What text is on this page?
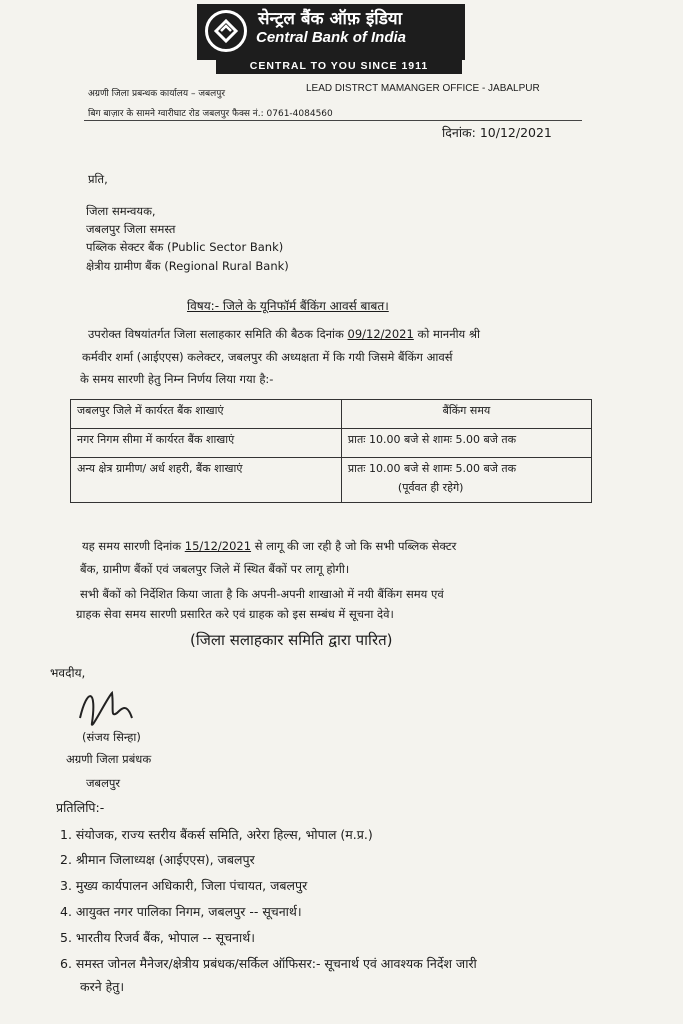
सेन्ट्रल बैंक ऑफ़ इंडिया
Central Bank of India
CENTRAL TO YOU SINCE 1911
अग्रणी जिला प्रबन्धक कार्यालय – जबलपुर	LEAD DISTRCT MAMANGER OFFICE - JABALPUR
बिग बाज़ार के सामने ग्वारीघाट रोड जबलपुर फैक्स नं.: 0761-4084560
दिनांक: 10/12/2021
प्रति,
जिला समन्वयक,
जबलपुर जिला समस्त
पब्लिक सेक्टर बैंक (Public Sector Bank)
क्षेत्रीय ग्रामीण बैंक (Regional Rural Bank)
विषय:- जिले के यूनिफॉर्म बैंकिंग आवर्स बाबत।
उपरोक्त विषयांतर्गत जिला सलाहकार समिति की बैठक दिनांक 09/12/2021 को माननीय श्री
कर्मवीर शर्मा (आईएएस) कलेक्टर, जबलपुर की अध्यक्षता में कि गयी जिसमे बैंकिंग आवर्स
के समय सारणी हेतु निम्न निर्णय लिया गया है:-
जबलपुर जिले में कार्यरत बैंक शाखाएं	बैंकिंग समय
नगर निगम सीमा में कार्यरत बैंक शाखाएं	प्रातः 10.00 बजे से शामः 5.00 बजे तक
अन्य क्षेत्र ग्रामीण/ अर्ध शहरी, बैंक शाखाएं	प्रातः 10.00 बजे से शामः 5.00 बजे तक
(पूर्ववत ही रहेगे)
यह समय सारणी दिनांक 15/12/2021 से लागू की जा रही है जो कि सभी पब्लिक सेक्टर
बैंक, ग्रामीण बैंकों एवं जबलपुर जिले में स्थित बैंकों पर लागू होगी।
सभी बैंकों को निर्देशित किया जाता है कि अपनी-अपनी शाखाओ में नयी बैंकिंग समय एवं
ग्राहक सेवा समय सारणी प्रसारित करे एवं ग्राहक को इस सम्बंध में सूचना देवे।
(जिला सलाहकार समिति द्वारा पारित)
भवदीय,
(संजय सिन्हा)
अग्रणी जिला प्रबंधक
जबलपुर
प्रतिलिपि:-
1. संयोजक, राज्य स्तरीय बैंकर्स समिति, अरेरा हिल्स, भोपाल (म.प्र.)
2. श्रीमान जिलाध्यक्ष (आईएएस), जबलपुर
3. मुख्य कार्यपालन अधिकारी, जिला पंचायत, जबलपुर
4. आयुक्त नगर पालिका निगम, जबलपुर -- सूचनार्थ।
5. भारतीय रिजर्व बैंक, भोपाल -- सूचनार्थ।
6. समस्त जोनल मैनेजर/क्षेत्रीय प्रबंधक/सर्किल ऑफिसर:- सूचनार्थ एवं आवश्यक निर्देश जारी
करने हेतु।
